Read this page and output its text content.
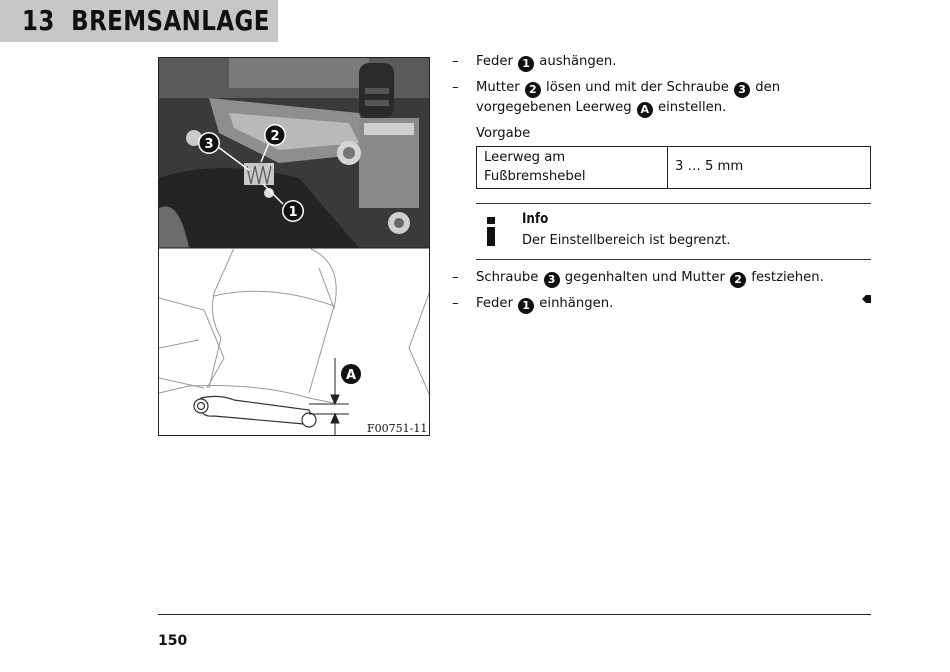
13 BREMSANLAGE
3
2
1
A
F00751-11
– Feder 1 aushängen.
– Mutter 2 lösen und mit der Schraube 3 den vorgegebenen Leerweg A einstellen.
Vorgabe
Leerweg am Fußbremshebel	3 … 5 mm
Info
Der Einstellbereich ist begrenzt.
– Schraube 3 gegenhalten und Mutter 2 festziehen.
– Feder 1 einhängen.
150
